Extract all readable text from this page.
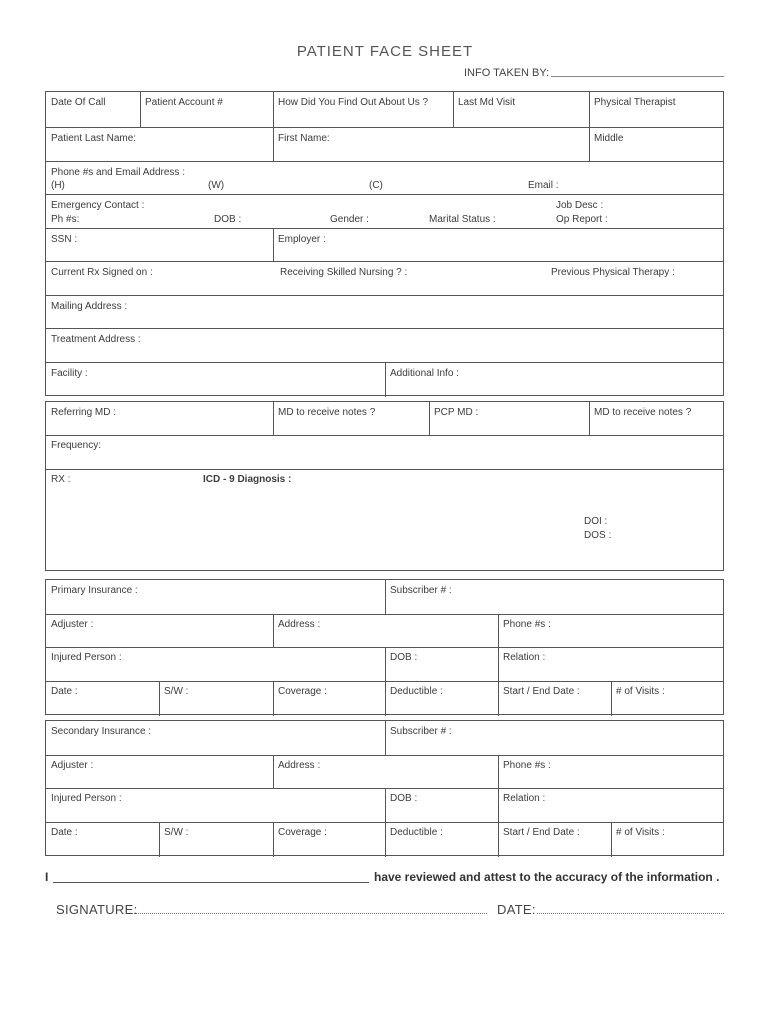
PATIENT FACE SHEET
INFO TAKEN BY:
Date Of Call	Patient Account #	How Did You Find Out About Us ?	Last Md Visit	Physical Therapist
Patient Last Name:	First Name:	Middle
Phone #s and Email Address :
(H)	(W)	(C)	Email :
Emergency Contact :	Job Desc :
Ph #s:	DOB :	Gender :	Marital Status :	Op Report :
SSN :	Employer :
Current Rx Signed on :	Receiving Skilled Nursing ? :	Previous Physical Therapy :
Mailing Address :
Treatment Address :
Facility :	Additional Info :
Referring MD :	MD to receive notes ?	PCP MD :	MD to receive notes ?
Frequency:
RX :	ICD - 9 Diagnosis :
DOI :
DOS :
Primary Insurance :	Subscriber # :
Adjuster :	Address :	Phone #s :
Injured Person :	DOB :	Relation :
Date :	S/W :	Coverage :	Deductible :	Start / End Date :	# of Visits :
Secondary Insurance :	Subscriber # :
Adjuster :	Address :	Phone #s :
Injured Person :	DOB :	Relation :
Date :	S/W :	Coverage :	Deductible :	Start / End Date :	# of Visits :
I	have reviewed and attest to the accuracy of the information .
SIGNATURE:	DATE:
